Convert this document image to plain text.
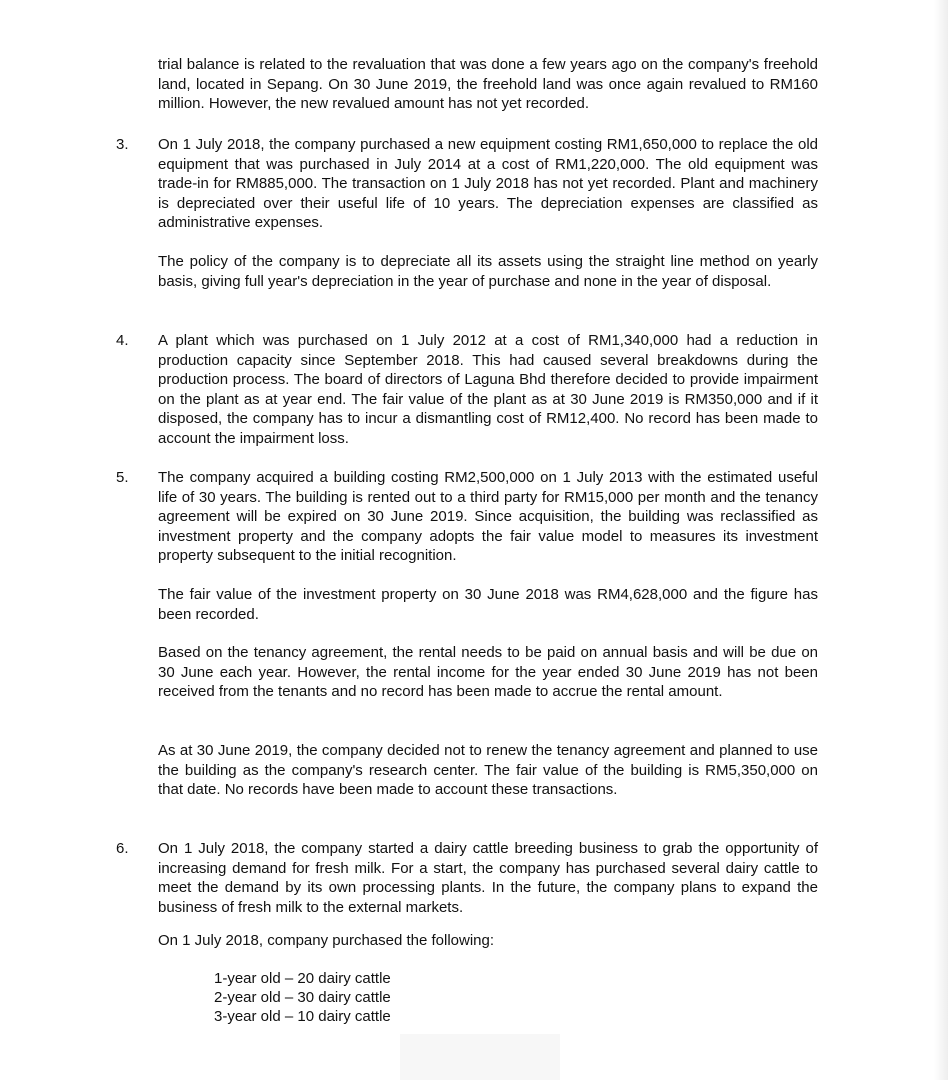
trial balance is related to the revaluation that was done a few years ago on the company's freehold land, located in Sepang. On 30 June 2019, the freehold land was once again revalued to RM160 million. However, the new revalued amount has not yet recorded.

3. On 1 July 2018, the company purchased a new equipment costing RM1,650,000 to replace the old equipment that was purchased in July 2014 at a cost of RM1,220,000. The old equipment was trade-in for RM885,000. The transaction on 1 July 2018 has not yet recorded. Plant and machinery is depreciated over their useful life of 10 years. The depreciation expenses are classified as administrative expenses.

The policy of the company is to depreciate all its assets using the straight line method on yearly basis, giving full year's depreciation in the year of purchase and none in the year of disposal.

4. A plant which was purchased on 1 July 2012 at a cost of RM1,340,000 had a reduction in production capacity since September 2018. This had caused several breakdowns during the production process. The board of directors of Laguna Bhd therefore decided to provide impairment on the plant as at year end. The fair value of the plant as at 30 June 2019 is RM350,000 and if it disposed, the company has to incur a dismantling cost of RM12,400. No record has been made to account the impairment loss.

5. The company acquired a building costing RM2,500,000 on 1 July 2013 with the estimated useful life of 30 years. The building is rented out to a third party for RM15,000 per month and the tenancy agreement will be expired on 30 June 2019. Since acquisition, the building was reclassified as investment property and the company adopts the fair value model to measures its investment property subsequent to the initial recognition.

The fair value of the investment property on 30 June 2018 was RM4,628,000 and the figure has been recorded.

Based on the tenancy agreement, the rental needs to be paid on annual basis and will be due on 30 June each year. However, the rental income for the year ended 30 June 2019 has not been received from the tenants and no record has been made to accrue the rental amount.

As at 30 June 2019, the company decided not to renew the tenancy agreement and planned to use the building as the company's research center. The fair value of the building is RM5,350,000 on that date. No records have been made to account these transactions.

6. On 1 July 2018, the company started a dairy cattle breeding business to grab the opportunity of increasing demand for fresh milk. For a start, the company has purchased several dairy cattle to meet the demand by its own processing plants. In the future, the company plans to expand the business of fresh milk to the external markets.

On 1 July 2018, company purchased the following:

1-year old – 20 dairy cattle
2-year old – 30 dairy cattle
3-year old – 10 dairy cattle
